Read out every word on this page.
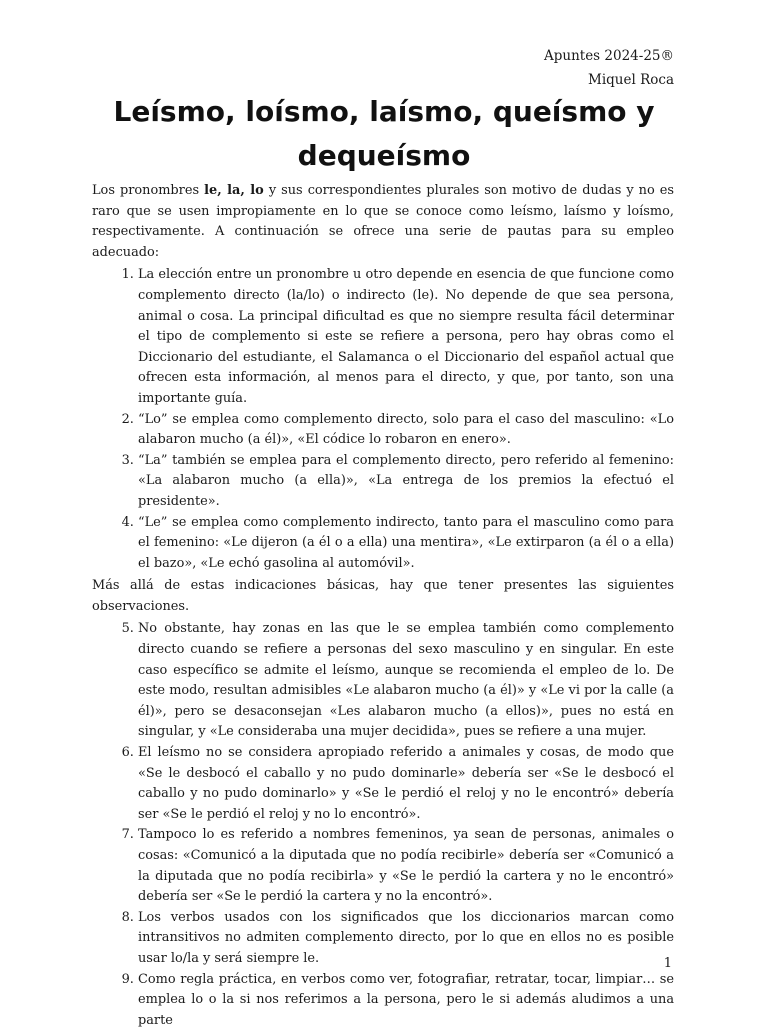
Apuntes 2024-25®
Miquel Roca
Leísmo, loísmo, laísmo, queísmo y dequeísmo

Los pronombres le, la, lo y sus correspondientes plurales son motivo de dudas y no es raro que se usen impropiamente en lo que se conoce como leísmo, laísmo y loísmo, respectivamente. A continuación se ofrece una serie de pautas para su empleo adecuado:

1. La elección entre un pronombre u otro depende en esencia de que funcione como complemento directo (la/lo) o indirecto (le). No depende de que sea persona, animal o cosa. La principal dificultad es que no siempre resulta fácil determinar el tipo de complemento si este se refiere a persona, pero hay obras como el Diccionario del estudiante, el Salamanca o el Diccionario del español actual que ofrecen esta información, al menos para el directo, y que, por tanto, son una importante guía.
2. “Lo” se emplea como complemento directo, solo para el caso del masculino: «Lo alabaron mucho (a él)», «El códice lo robaron en enero».
3. “La” también se emplea para el complemento directo, pero referido al femenino: «La alabaron mucho (a ella)», «La entrega de los premios la efectuó el presidente».
4. “Le” se emplea como complemento indirecto, tanto para el masculino como para el femenino: «Le dijeron (a él o a ella) una mentira», «Le extirparon (a él o a ella) el bazo», «Le echó gasolina al automóvil».

Más allá de estas indicaciones básicas, hay que tener presentes las siguientes observaciones.

5. No obstante, hay zonas en las que le se emplea también como complemento directo cuando se refiere a personas del sexo masculino y en singular. En este caso específico se admite el leísmo, aunque se recomienda el empleo de lo. De este modo, resultan admisibles «Le alabaron mucho (a él)» y «Le vi por la calle (a él)», pero se desaconsejan «Les alabaron mucho (a ellos)», pues no está en singular, y «Le consideraba una mujer decidida», pues se refiere a una mujer.
6. El leísmo no se considera apropiado referido a animales y cosas, de modo que «Se le desbocó el caballo y no pudo dominarle» debería ser «Se le desbocó el caballo y no pudo dominarlo» y «Se le perdió el reloj y no le encontró» debería ser «Se le perdió el reloj y no lo encontró».
7. Tampoco lo es referido a nombres femeninos, ya sean de personas, animales o cosas: «Comunicó a la diputada que no podía recibirle» debería ser «Comunicó a la diputada que no podía recibirla» y «Se le perdió la cartera y no le encontró» debería ser «Se le perdió la cartera y no la encontró».
8. Los verbos usados con los significados que los diccionarios marcan como intransitivos no admiten complemento directo, por lo que en ellos no es posible usar lo/la y será siempre le.
9. Como regla práctica, en verbos como ver, fotografiar, retratar, tocar, limpiar… se emplea lo o la si nos referimos a la persona, pero le si además aludimos a una parte
1
